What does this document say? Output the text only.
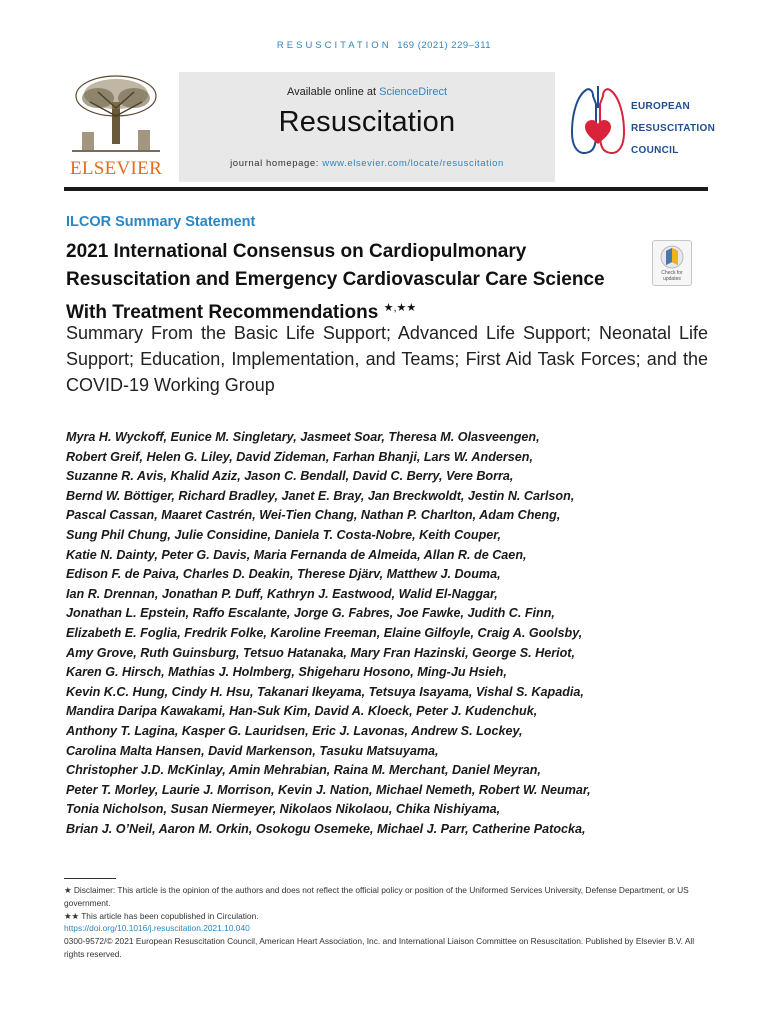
RESUSCITATION 169 (2021) 229–311
ELSEVIER
Available online at ScienceDirect
Resuscitation
journal homepage: www.elsevier.com/locate/resuscitation
EUROPEAN
RESUSCITATION
COUNCIL
ILCOR Summary Statement
2021 International Consensus on Cardiopulmonary Resuscitation and Emergency Cardiovascular Care Science With Treatment Recommendations ★,★★
Check for updates
Summary From the Basic Life Support; Advanced Life Support; Neonatal Life Support; Education, Implementation, and Teams; First Aid Task Forces; and the COVID-19 Working Group
Myra H. Wyckoff, Eunice M. Singletary, Jasmeet Soar, Theresa M. Olasveengen,
Robert Greif, Helen G. Liley, David Zideman, Farhan Bhanji, Lars W. Andersen,
Suzanne R. Avis, Khalid Aziz, Jason C. Bendall, David C. Berry, Vere Borra,
Bernd W. Böttiger, Richard Bradley, Janet E. Bray, Jan Breckwoldt, Jestin N. Carlson,
Pascal Cassan, Maaret Castrén, Wei-Tien Chang, Nathan P. Charlton, Adam Cheng,
Sung Phil Chung, Julie Considine, Daniela T. Costa-Nobre, Keith Couper,
Katie N. Dainty, Peter G. Davis, Maria Fernanda de Almeida, Allan R. de Caen,
Edison F. de Paiva, Charles D. Deakin, Therese Djärv, Matthew J. Douma,
Ian R. Drennan, Jonathan P. Duff, Kathryn J. Eastwood, Walid El-Naggar,
Jonathan L. Epstein, Raffo Escalante, Jorge G. Fabres, Joe Fawke, Judith C. Finn,
Elizabeth E. Foglia, Fredrik Folke, Karoline Freeman, Elaine Gilfoyle, Craig A. Goolsby,
Amy Grove, Ruth Guinsburg, Tetsuo Hatanaka, Mary Fran Hazinski, George S. Heriot,
Karen G. Hirsch, Mathias J. Holmberg, Shigeharu Hosono, Ming-Ju Hsieh,
Kevin K.C. Hung, Cindy H. Hsu, Takanari Ikeyama, Tetsuya Isayama, Vishal S. Kapadia,
Mandira Daripa Kawakami, Han-Suk Kim, David A. Kloeck, Peter J. Kudenchuk,
Anthony T. Lagina, Kasper G. Lauridsen, Eric J. Lavonas, Andrew S. Lockey,
Carolina Malta Hansen, David Markenson, Tasuku Matsuyama,
Christopher J.D. McKinlay, Amin Mehrabian, Raina M. Merchant, Daniel Meyran,
Peter T. Morley, Laurie J. Morrison, Kevin J. Nation, Michael Nemeth, Robert W. Neumar,
Tonia Nicholson, Susan Niermeyer, Nikolaos Nikolaou, Chika Nishiyama,
Brian J. O’Neil, Aaron M. Orkin, Osokogu Osemeke, Michael J. Parr, Catherine Patocka,
★ Disclaimer: This article is the opinion of the authors and does not reflect the official policy or position of the Uniformed Services University, Defense Department, or US government.
★★ This article has been copublished in Circulation.
https://doi.org/10.1016/j.resuscitation.2021.10.040
0300-9572/© 2021 European Resuscitation Council, American Heart Association, Inc. and International Liaison Committee on Resuscitation. Published by Elsevier B.V. All rights reserved.
